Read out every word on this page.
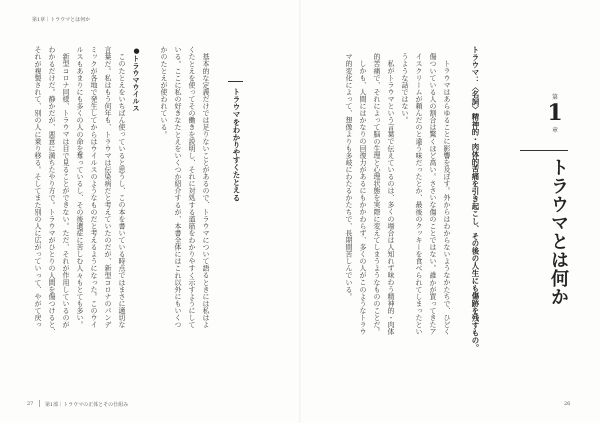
第1章｜トラウマとは何か
トラウマをわかりやすくたとえる
基本的な定義だけでは足りないことがあるので、トラウマについて語るときには私はよ
くたとえを使ってその働きを説明し、それに対処する道筋をわかりやすく示すようにして
いる。ここに私の好きなたとえをいくつか紹介するが、本書全体にはこれ以外にもいくつ
かのたとえが使われている。
●トラウマウイルス
このたとえをいちばん使っていると思うし、この本を書いている時点ではまさに適切な
言葉だ。私はもう何年も、トラウマは伝染病だと考えていたのだが、新型コロナのパンデ
ミックが各地で発生してからはウイルスのようなものだと考えるようになった。このウイ
ルスもあまりにも多くの人の命を奪っているし、その後遺症に苦しむ人々もとても多い。
新型コロナ同様、トラウマは目で見ることができない。ただ、それが作用しているのが
わかるだけだ。静かだが、悪意に満ちたやり方で。トラウマがひとりの人間を傷つけると、
それが複製されて、別の人に乗り移る。そしてまた別の人に広がっていって、やがて戻っ
27 第1部｜トラウマの正体とその仕組み
第
1
章
トラウマとは何か
トラウマ：〈名詞〉精神的・肉体的苦痛を引き起こし、その後の人生にも傷跡を残すもの。
トラウマはあらゆることに影響を及ぼす。外からはわからないようなかたちで、ひどく
傷ついている人の割合は驚くほど高い。ささいな傷のことではない。誰かが買ってきたア
イスクリームが頼んだのと違う味だったとか、最後のクッキーを食べられてしまったとい
うような話ではない。
私がトラウマという言葉で伝えているのは、多くの場合は人知れず味わう精神的・肉体
的苦痛で、それによって脳の生理と心理状態を実際に変えてしまうようなもののことだ。
しかも、人間にはかなりの回復力があるにもかかわらず、多くの人がこのようなトラウ
マ的変化によって、想像よりも多岐にわたるかたちで、長期間苦しんでいる。
26
